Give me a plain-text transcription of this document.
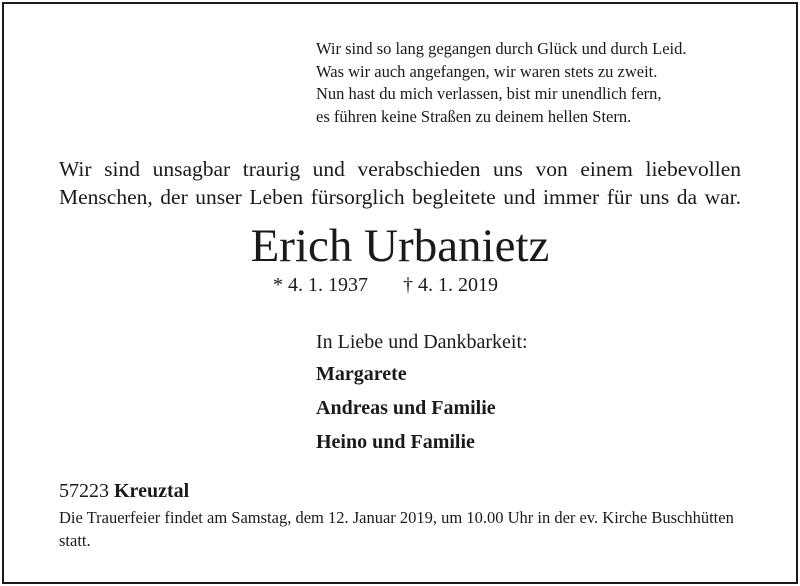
Wir sind so lang gegangen durch Glück und durch Leid.
Was wir auch angefangen, wir waren stets zu zweit.
Nun hast du mich verlassen, bist mir unendlich fern,
es führen keine Straßen zu deinem hellen Stern.
Wir sind unsagbar traurig und verabschieden uns von einem liebevollen
Menschen, der unser Leben fürsorglich begleitete und immer für uns da war.
Erich Urbanietz
* 4. 1. 1937 † 4. 1. 2019
In Liebe und Dankbarkeit:
Margarete
Andreas und Familie
Heino und Familie
57223 Kreuztal
Die Trauerfeier findet am Samstag, dem 12. Januar 2019, um 10.00 Uhr in der ev. Kirche Buschhütten statt.
